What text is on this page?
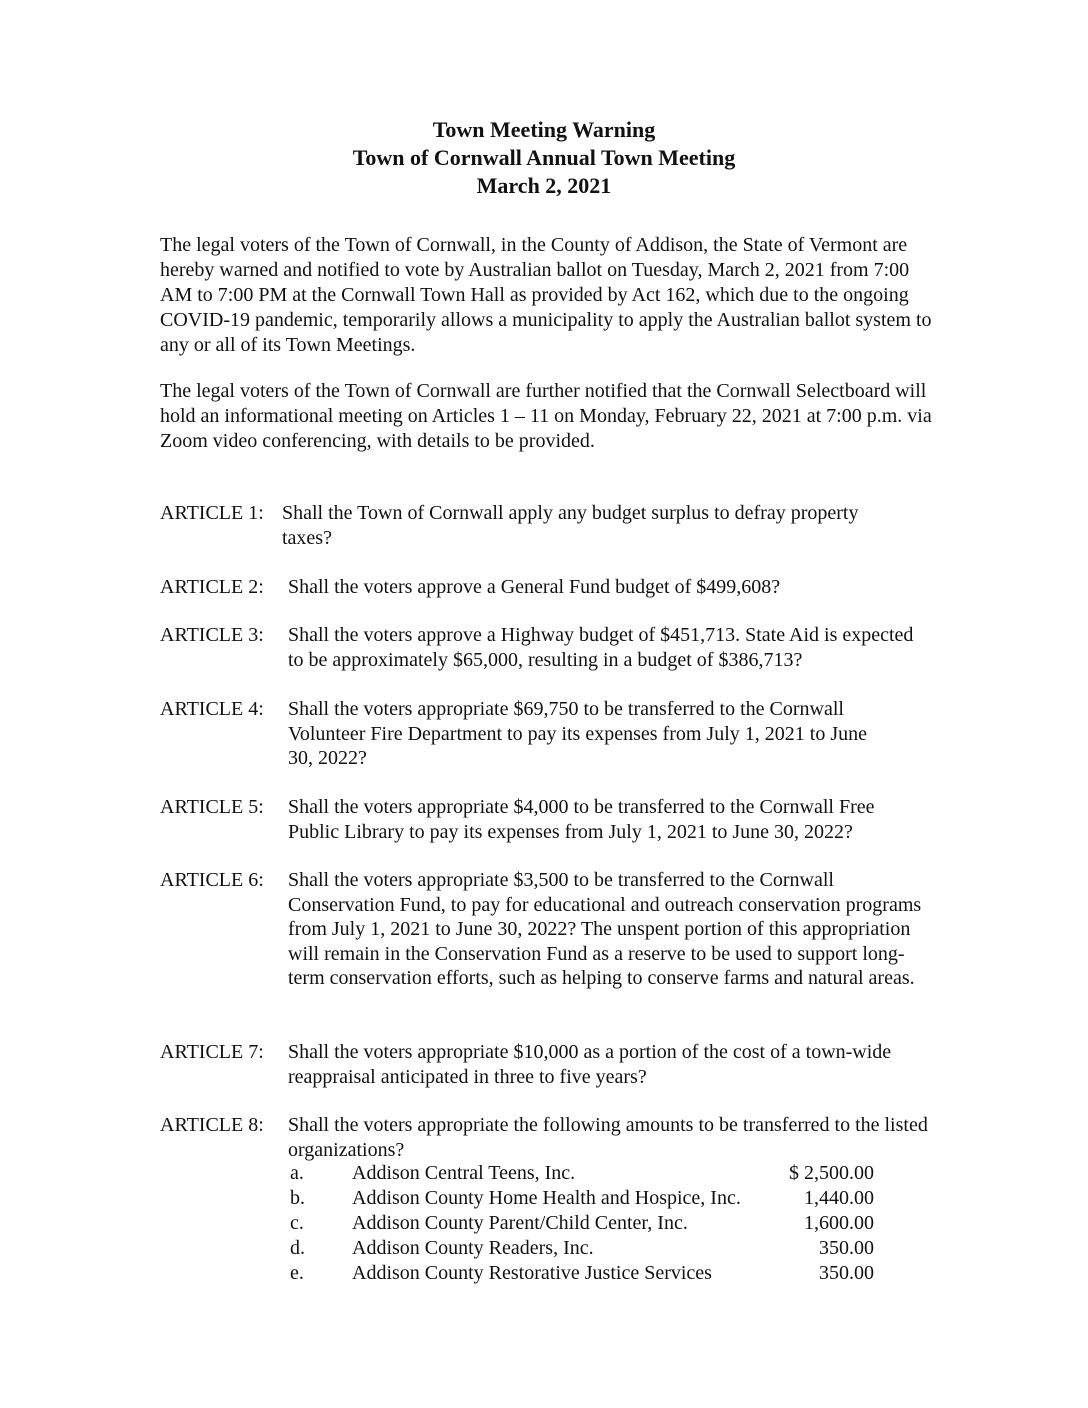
Town Meeting Warning
Town of Cornwall Annual Town Meeting
March 2, 2021

The legal voters of the Town of Cornwall, in the County of Addison, the State of Vermont are hereby warned and notified to vote by Australian ballot on Tuesday, March 2, 2021 from 7:00 AM to 7:00 PM at the Cornwall Town Hall as provided by Act 162, which due to the ongoing COVID-19 pandemic, temporarily allows a municipality to apply the Australian ballot system to any or all of its Town Meetings.

The legal voters of the Town of Cornwall are further notified that the Cornwall Selectboard will hold an informational meeting on Articles 1 – 11 on Monday, February 22, 2021 at 7:00 p.m. via Zoom video conferencing, with details to be provided.

ARTICLE 1: Shall the Town of Cornwall apply any budget surplus to defray property taxes?
ARTICLE 2:	Shall the voters approve a General Fund budget of $499,608?
ARTICLE 3:	Shall the voters approve a Highway budget of $451,713. State Aid is expected to be approximately $65,000, resulting in a budget of $386,713?
ARTICLE 4:	Shall the voters appropriate $69,750 to be transferred to the Cornwall Volunteer Fire Department to pay its expenses from July 1, 2021 to June 30, 2022?
ARTICLE 5:	Shall the voters appropriate $4,000 to be transferred to the Cornwall Free Public Library to pay its expenses from July 1, 2021 to June 30, 2022?
ARTICLE 6:	Shall the voters appropriate $3,500 to be transferred to the Cornwall Conservation Fund, to pay for educational and outreach conservation programs from July 1, 2021 to June 30, 2022? The unspent portion of this appropriation will remain in the Conservation Fund as a reserve to be used to support long-term conservation efforts, such as helping to conserve farms and natural areas.
ARTICLE 7:	Shall the voters appropriate $10,000 as a portion of the cost of a town-wide reappraisal anticipated in three to five years?
ARTICLE 8:	Shall the voters appropriate the following amounts to be transferred to the listed organizations?
a. Addison Central Teens, Inc.	$ 2,500.00
b. Addison County Home Health and Hospice, Inc.	1,440.00
c. Addison County Parent/Child Center, Inc.	1,600.00
d. Addison County Readers, Inc.	350.00
e. Addison County Restorative Justice Services	350.00
